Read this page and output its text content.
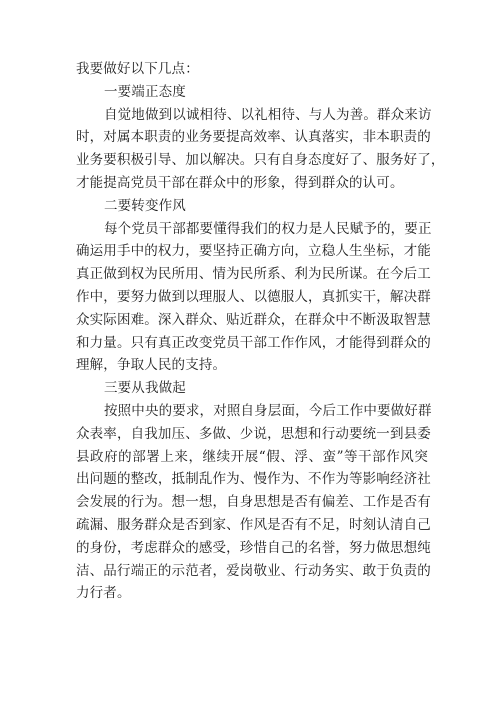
我要做好以下几点：
一要端正态度
自觉地做到以诚相待、以礼相待、与人为善。群众来访
时，对属本职责的业务要提高效率、认真落实，非本职责的
业务要积极引导、加以解决。只有自身态度好了、服务好了，
才能提高党员干部在群众中的形象，得到群众的认可。
二要转变作风
每个党员干部都要懂得我们的权力是人民赋予的，要正
确运用手中的权力，要坚持正确方向，立稳人生坐标，才能
真正做到权为民所用、情为民所系、利为民所谋。在今后工
作中，要努力做到以理服人、以德服人，真抓实干，解决群
众实际困难。深入群众、贴近群众，在群众中不断汲取智慧
和力量。只有真正改变党员干部工作作风，才能得到群众的
理解，争取人民的支持。
三要从我做起
按照中央的要求，对照自身层面，今后工作中要做好群
众表率，自我加压、多做、少说，思想和行动要统一到县委
县政府的部署上来，继续开展“假、浮、蛮”等干部作风突
出问题的整改，抵制乱作为、慢作为、不作为等影响经济社
会发展的行为。想一想，自身思想是否有偏差、工作是否有
疏漏、服务群众是否到家、作风是否有不足，时刻认清自己
的身份，考虑群众的感受，珍惜自己的名誉，努力做思想纯
洁、品行端正的示范者，爱岗敬业、行动务实、敢于负责的
力行者。
